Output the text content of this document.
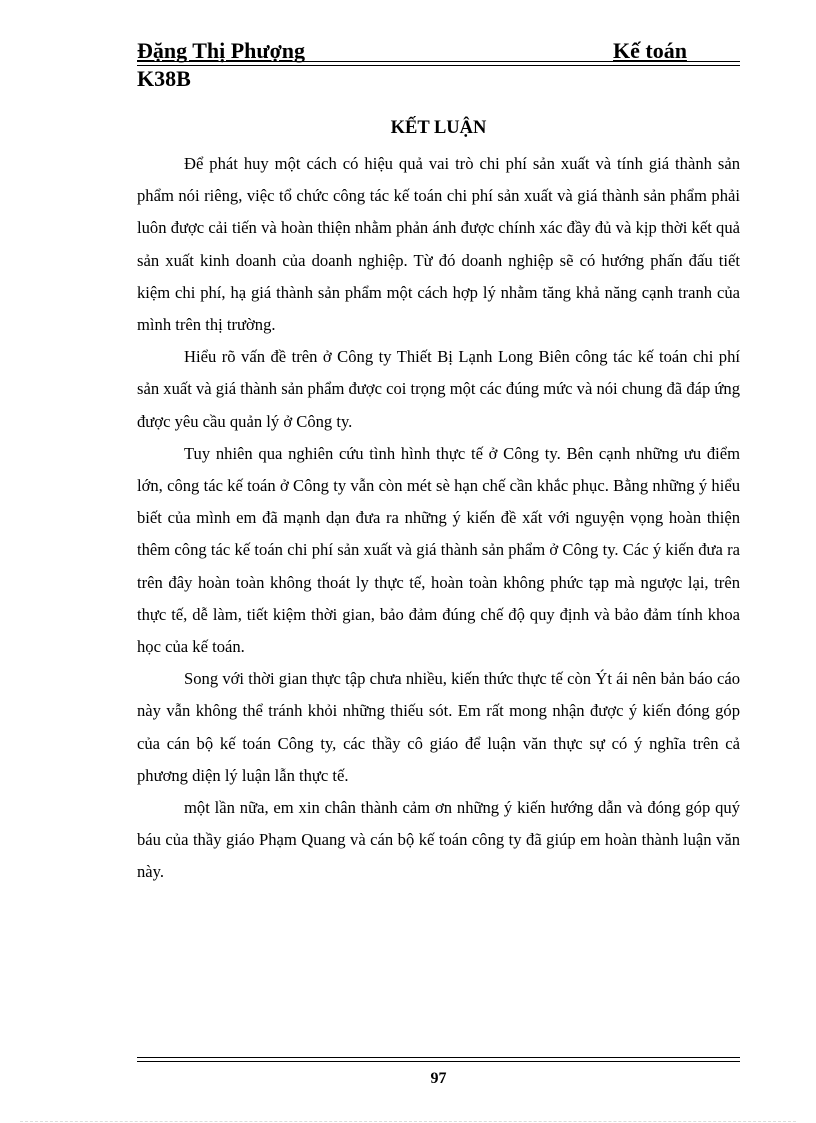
Đặng Thị Phượng	Kế toán
K38B
KẾT LUẬN

Để phát huy một cách có hiệu quả vai trò chi phí sản xuất và tính giá thành sản phẩm nói riêng, việc tổ chức công tác kế toán chi phí sản xuất và giá thành sản phẩm phải luôn được cải tiến và hoàn thiện nhằm phản ánh được chính xác đầy đủ và kịp thời kết quả sản xuất kinh doanh của doanh nghiệp. Từ đó doanh nghiệp sẽ có hướng phấn đấu tiết kiệm chi phí, hạ giá thành sản phẩm một cách hợp lý nhằm tăng khả năng cạnh tranh của mình trên thị trường.

Hiểu rõ vấn đề trên ở Công ty Thiết Bị Lạnh Long Biên công tác kế toán chi phí sản xuất và giá thành sản phẩm được coi trọng một các đúng mức và nói chung đã đáp ứng được yêu cầu quản lý ở Công ty.

Tuy nhiên qua nghiên cứu tình hình thực tế ở Công ty. Bên cạnh những ưu điểm lớn, công tác kế toán ở Công ty vẫn còn mét sè hạn chế cần khắc phục. Bằng những ý hiểu biết của mình em đã mạnh dạn đưa ra những ý kiến đề xất với nguyện vọng hoàn thiện thêm công tác kế toán chi phí sản xuất và giá thành sản phẩm ở Công ty. Các ý kiến đưa ra trên đây hoàn toàn không thoát ly thực tế, hoàn toàn không phức tạp mà ngược lại, trên thực tế, dễ làm, tiết kiệm thời gian, bảo đảm đúng chế độ quy định và bảo đảm tính khoa học của kế toán.

Song với thời gian thực tập chưa nhiều, kiến thức thực tế còn Ýt ái nên bản báo cáo này vẫn không thể tránh khỏi những thiếu sót. Em rất mong nhận được ý kiến đóng góp của cán bộ kế toán Công ty, các thầy cô giáo để luận văn thực sự có ý nghĩa trên cả phương diện lý luận lẫn thực tế.

một lần nữa, em xin chân thành cảm ơn những ý kiến hướng dẫn và đóng góp quý báu của thầy giáo Phạm Quang và cán bộ kế toán công ty đã giúp em hoàn thành luận văn này.

97
